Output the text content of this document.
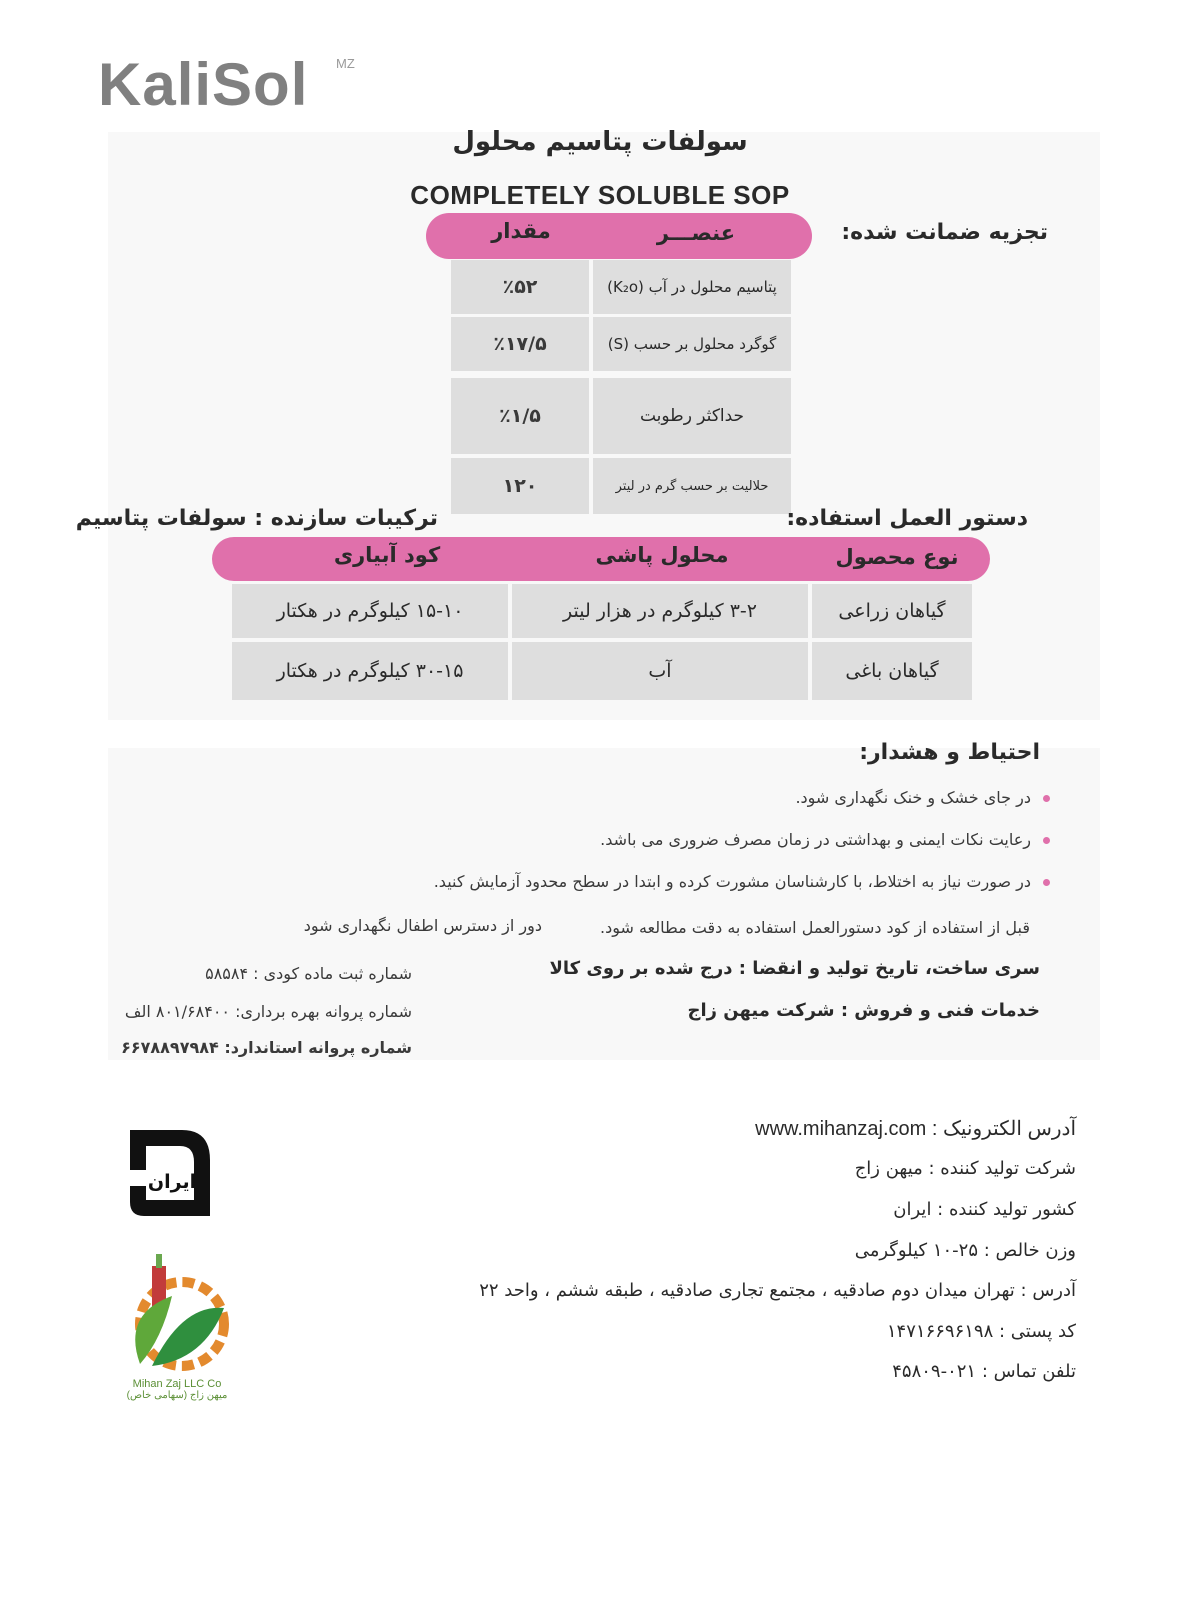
KaliSol MZ
سولفات پتاسیم محلول
COMPLETELY SOLUBLE SOP
تجزیه ضمانت شده:
عنصـــر
مقدار
پتاسیم محلول در آب (K₂o)
٪۵۲
گوگرد محلول بر حسب (S)
٪۱۷/۵
حداکثر رطوبت
٪۱/۵
حلالیت بر حسب گرم در لیتر
۱۲۰
ترکیبات سازنده : سولفات پتاسیم	دستور العمل استفاده:
نوع محصول
محلول پاشی
کود آبیاری
گیاهان زراعی
۳-۲ کیلوگرم در هزار لیتر
۱۵-۱۰ کیلوگرم در هکتار
گیاهان باغی
آب
۳۰-۱۵ کیلوگرم در هکتار
احتیاط و هشدار:
در جای خشک و خنک نگهداری شود.
رعایت نکات ایمنی و بهداشتی در زمان مصرف ضروری می باشد.
در صورت نیاز به اختلاط، با کارشناسان مشورت کرده و ابتدا در سطح محدود آزمایش کنید.
قبل از استفاده از کود دستورالعمل استفاده به دقت مطالعه شود.
دور از دسترس اطفال نگهداری شود
سری ساخت، تاریخ تولید و انقضا : درج شده بر روی کالا
خدمات فنی و فروش : شرکت میهن زاج
شماره ثبت ماده کودی : ۵۸۵۸۴
شماره پروانه بهره برداری: ۸۰۱/۶۸۴۰۰ الف
شماره پروانه استاندارد: ۶۶۷۸۸۹۷۹۸۴
آدرس الکترونیک : www.mihanzaj.com
شرکت تولید کننده : میهن زاج
کشور تولید کننده : ایران
وزن خالص : ۲۵-۱۰ کیلوگرمی
آدرس : تهران میدان دوم صادقیه ، مجتمع تجاری صادقیه ، طبقه ششم ، واحد ۲۲
کد پستی : ۱۴۷۱۶۶۹۶۱۹۸
تلفن تماس : ۰۲۱-۴۵۸۰۹
ایران
Mihan Zaj LLC Co
میهن زاج (سهامی خاص)
